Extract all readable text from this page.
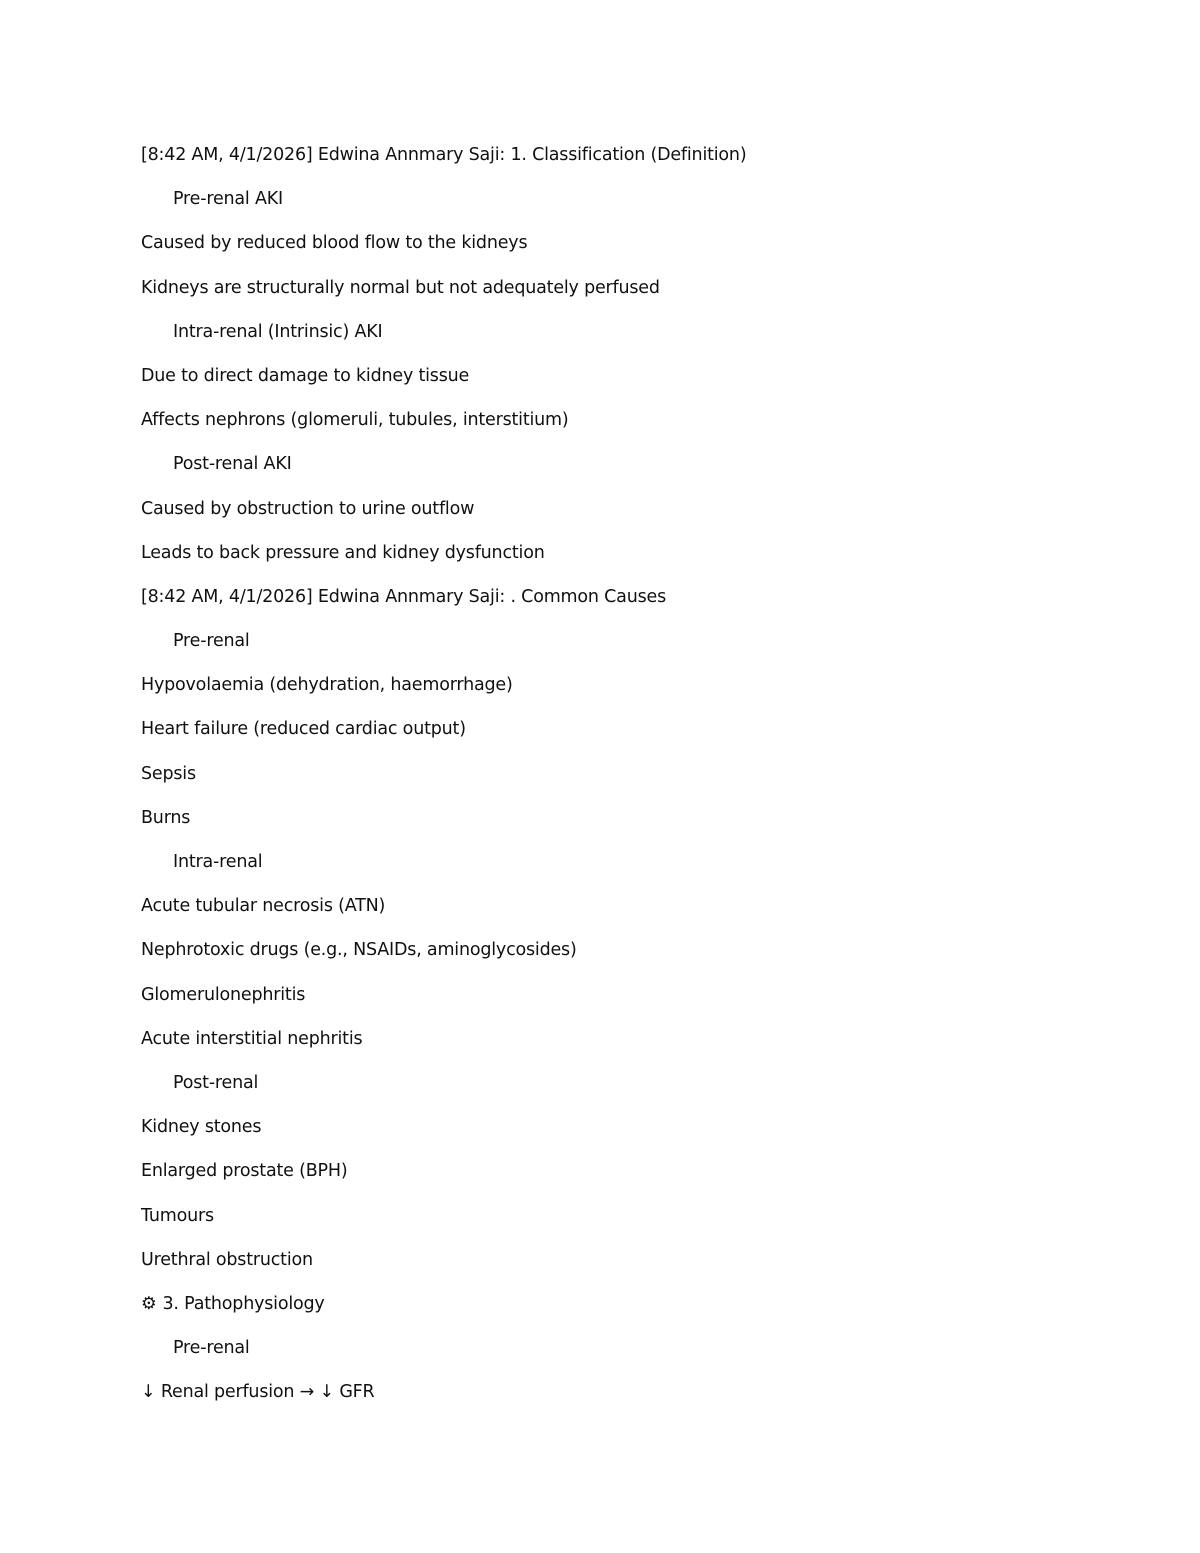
[8:42 AM, 4/1/2026] Edwina Annmary Saji: 1. Classification (Definition)
Pre-renal AKI
Caused by reduced blood flow to the kidneys
Kidneys are structurally normal but not adequately perfused
Intra-renal (Intrinsic) AKI
Due to direct damage to kidney tissue
Affects nephrons (glomeruli, tubules, interstitium)
Post-renal AKI
Caused by obstruction to urine outflow
Leads to back pressure and kidney dysfunction
[8:42 AM, 4/1/2026] Edwina Annmary Saji: . Common Causes
Pre-renal
Hypovolaemia (dehydration, haemorrhage)
Heart failure (reduced cardiac output)
Sepsis
Burns
Intra-renal
Acute tubular necrosis (ATN)
Nephrotoxic drugs (e.g., NSAIDs, aminoglycosides)
Glomerulonephritis
Acute interstitial nephritis
Post-renal
Kidney stones
Enlarged prostate (BPH)
Tumours
Urethral obstruction
⚙ 3. Pathophysiology
Pre-renal
↓ Renal perfusion → ↓ GFR
